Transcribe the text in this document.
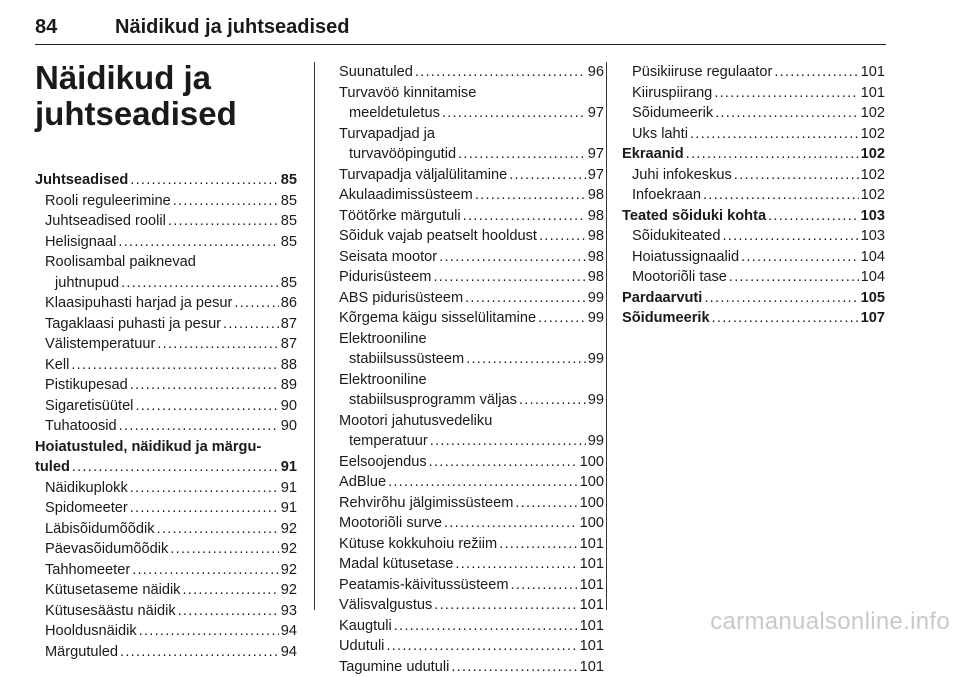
84	Näidikud ja juhtseadised
Näidikud ja juhtseadised
Juhtseadised . . .	85
Rooli reguleerimine . . .	85
Juhtseadised roolil . . .	85
Helisignaal . . .	85
Roolisambal paiknevad
juhtnupud . . .	85
Klaasipuhasti harjad ja pesur . . .	86
Tagaklaasi puhasti ja pesur . . .	87
Välistemperatuur . . .	87
Kell . . .	88
Pistikupesad . . .	89
Sigaretisüütel . . .	90
Tuhatoosid . . .	90
Hoiatustuled, näidikud ja märgu-
tuled . . .	91
Näidikuplokk . . .	91
Spidomeeter . . .	91
Läbisõidumõõdik . . .	92
Päevasõidumõõdik . . .	92
Tahhomeeter . . .	92
Kütusetaseme näidik . . .	92
Kütusesäästu näidik . . .	93
Hooldusnäidik . . .	94
Märgutuled . . .	94
Suunatuled . . .	96
Turvavöö kinnitamise
meeldetuletus . . .	97
Turvapadjad ja
turvavööpingutid . . .	97
Turvapadja väljalülitamine . . .	97
Akulaadimissüsteem . . .	98
Töötõrke märgutuli . . .	98
Sõiduk vajab peatselt hooldust . . .	98
Seisata mootor . . .	98
Pidurisüsteem . . .	98
ABS pidurisüsteem . . .	99
Kõrgema käigu sisselülitamine . . .	99
Elektrooniline
stabiilsussüsteem . . .	99
Elektrooniline
stabiilsusprogramm väljas . . .	99
Mootori jahutusvedeliku
temperatuur . . .	99
Eelsoojendus . . .	100
AdBlue . . .	100
Rehvirõhu jälgimissüsteem . . .	100
Mootoriõli surve . . .	100
Kütuse kokkuhoiu režiim . . .	101
Madal kütusetase . . .	101
Peatamis-käivitussüsteem . . .	101
Välisvalgustus . . .	101
Kaugtuli . . .	101
Udutuli . . .	101
Tagumine udutuli . . .	101
Püsikiiruse regulaator . . .	101
Kiiruspiirang . . .	101
Sõidumeerik . . .	102
Uks lahti . . .	102
Ekraanid . . .	102
Juhi infokeskus . . .	102
Infoekraan . . .	102
Teated sõiduki kohta . . .	103
Sõidukiteated . . .	103
Hoiatussignaalid . . .	104
Mootoriõli tase . . .	104
Pardaarvuti . . .	105
Sõidumeerik . . .	107
carmanualsonline.info
